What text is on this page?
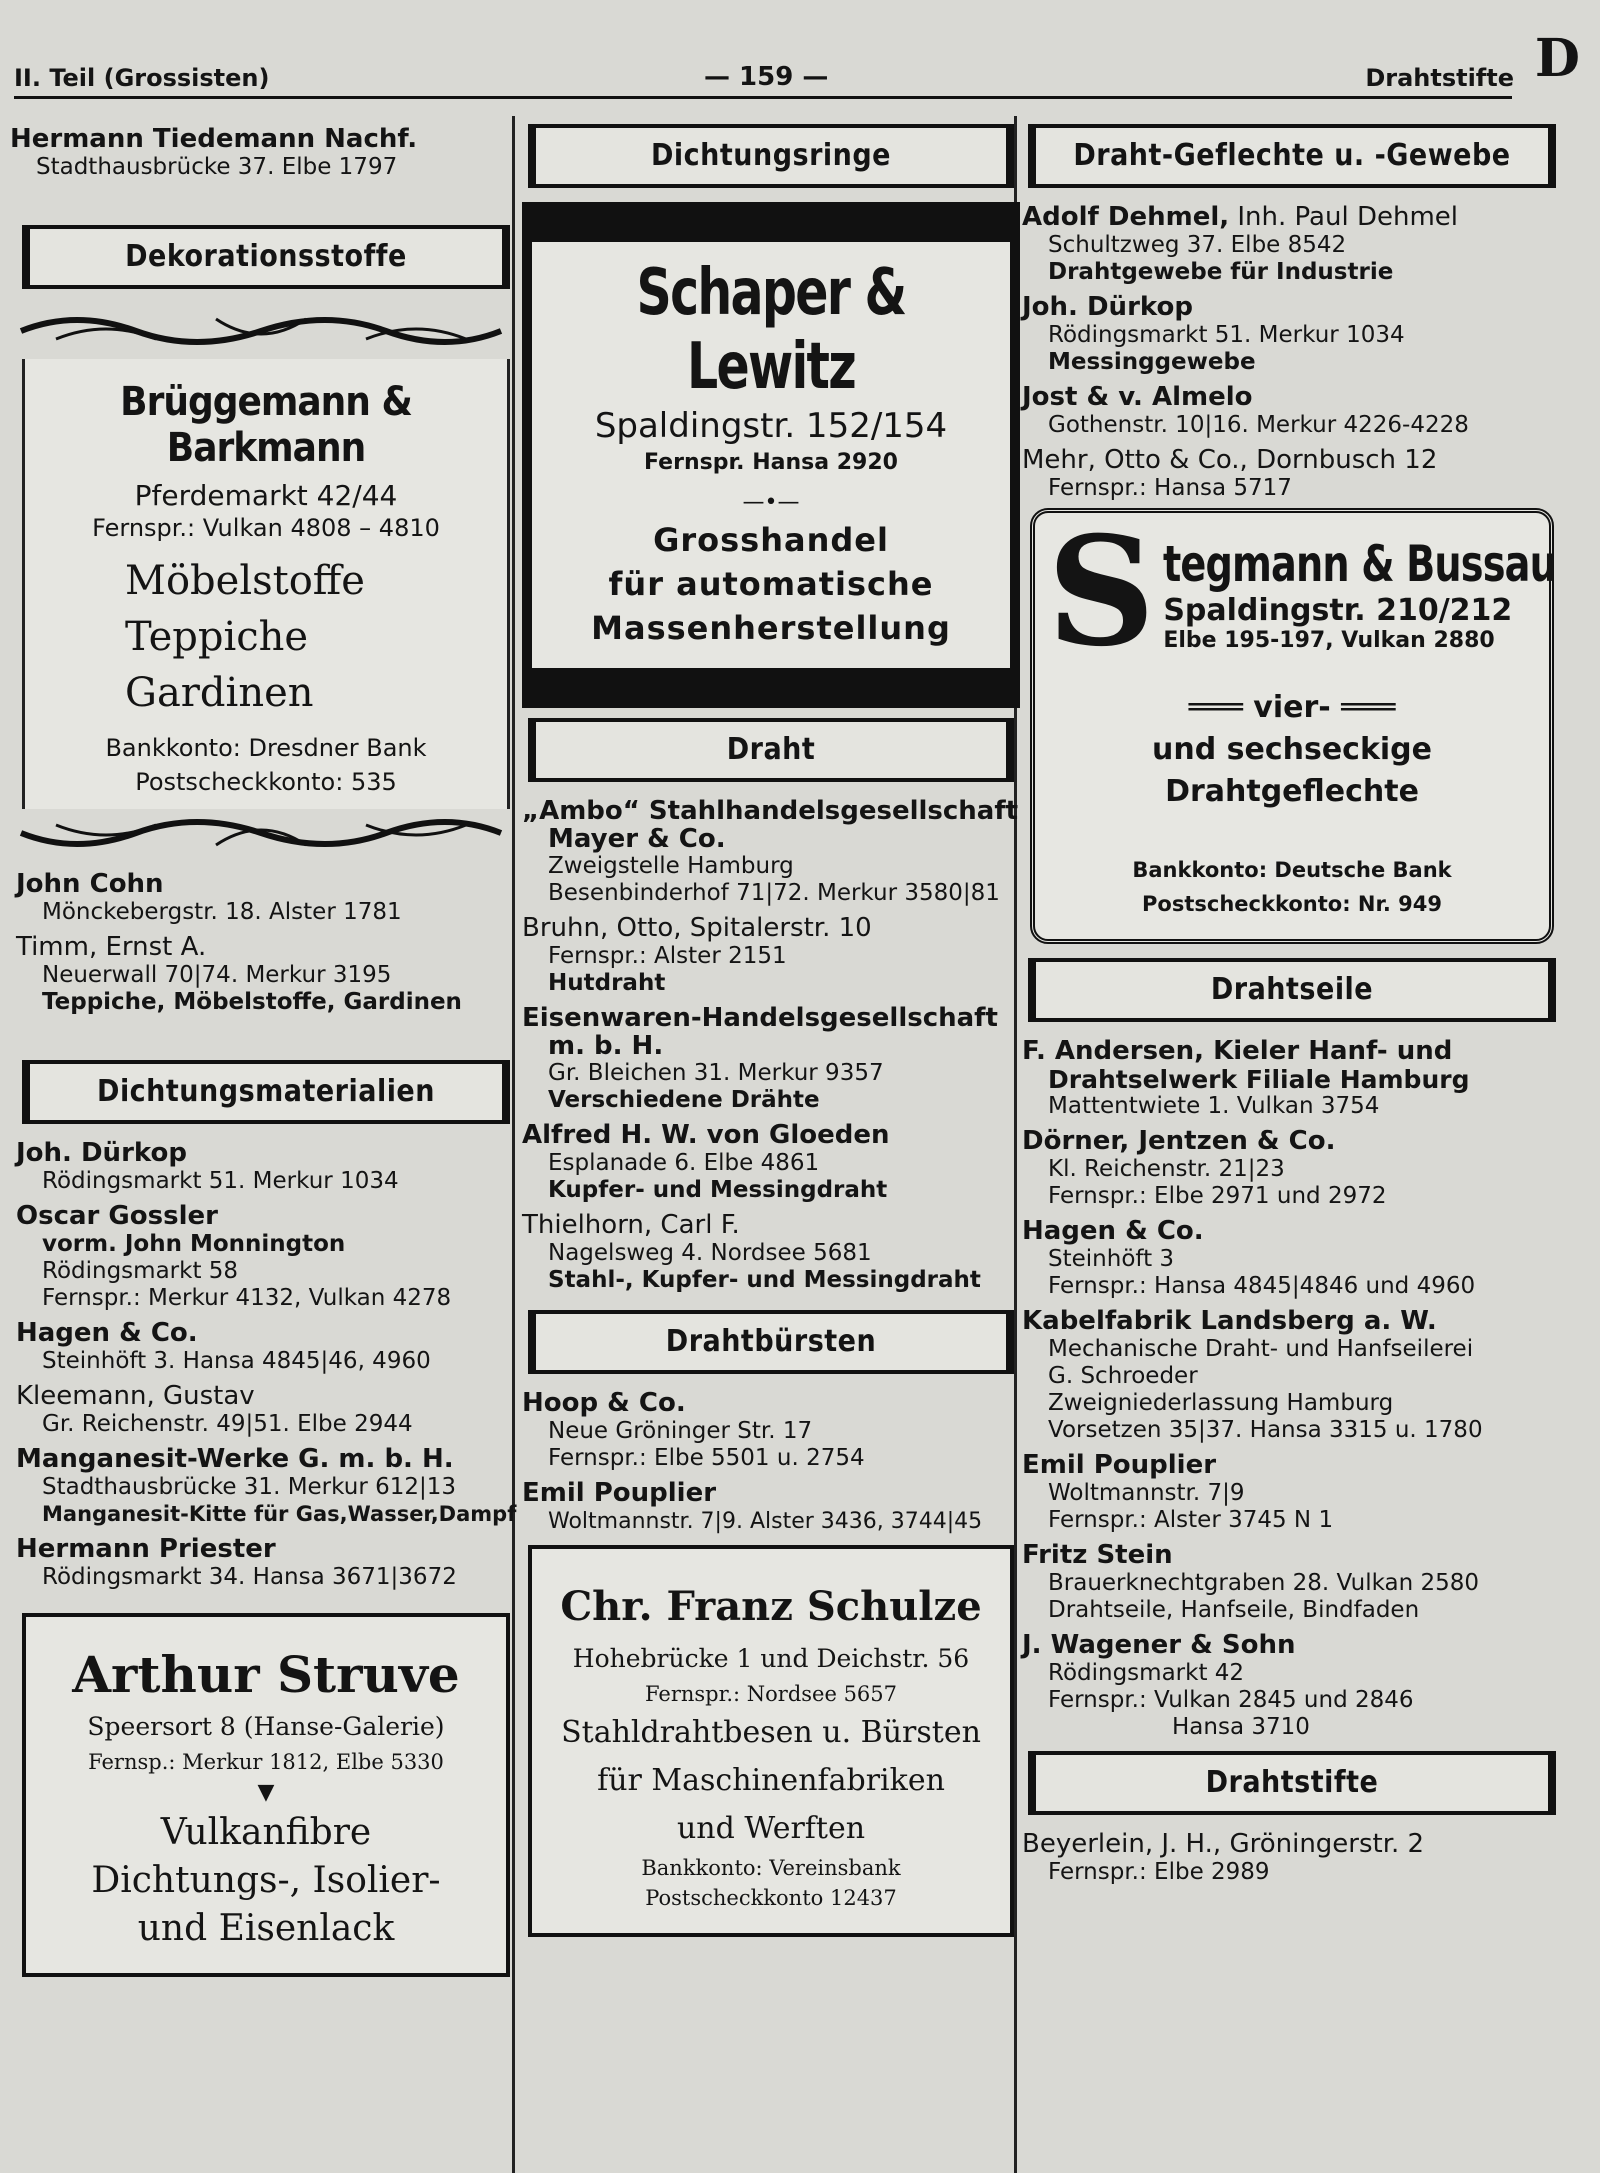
II. Teil (Grossisten)	— 159 —	Drahtstifte D
Hermann Tiedemann Nachf.
Stadthausbrücke 37. Elbe 1797
Dekorationsstoffe
Brüggemann & Barkmann
Pferdemarkt 42/44
Fernspr.: Vulkan 4808 – 4810
Möbelstoffe
Teppiche
Gardinen
Bankkonto: Dresdner Bank
Postscheckkonto: 535
John Cohn
Mönckebergstr. 18. Alster 1781
Timm, Ernst A.
Neuerwall 70|74. Merkur 3195
Teppiche, Möbelstoffe, Gardinen
Dichtungsmaterialien
Joh. Dürkop
Rödingsmarkt 51. Merkur 1034
Oscar Gossler
vorm. John Monnington
Rödingsmarkt 58
Fernspr.: Merkur 4132, Vulkan 4278
Hagen & Co.
Steinhöft 3. Hansa 4845|46, 4960
Kleemann, Gustav
Gr. Reichenstr. 49|51. Elbe 2944
Manganesit-Werke G. m. b. H.
Stadthausbrücke 31. Merkur 612|13
Manganesit-Kitte für Gas,Wasser,Dampf
Hermann Priester
Rödingsmarkt 34. Hansa 3671|3672
Arthur Struve
Speersort 8 (Hanse-Galerie)
Fernsp.: Merkur 1812, Elbe 5330
▼
Vulkanfibre
Dichtungs-, Isolier-
und Eisenlack
Dichtungsringe
Schaper & Lewitz
Spaldingstr. 152/154
Fernspr. Hansa 2920
—•—
Grosshandel
für automatische
Massenherstellung
Draht
„Ambo“ Stahlhandelsgesellschaft
Mayer & Co.
Zweigstelle Hamburg
Besenbinderhof 71|72. Merkur 3580|81
Bruhn, Otto, Spitalerstr. 10
Fernspr.: Alster 2151
Hutdraht
Eisenwaren-Handelsgesellschaft
m. b. H.
Gr. Bleichen 31. Merkur 9357
Verschiedene Drähte
Alfred H. W. von Gloeden
Esplanade 6. Elbe 4861
Kupfer- und Messingdraht
Thielhorn, Carl F.
Nagelsweg 4. Nordsee 5681
Stahl-, Kupfer- und Messingdraht
Drahtbürsten
Hoop & Co.
Neue Gröninger Str. 17
Fernspr.: Elbe 5501 u. 2754
Emil Pouplier
Woltmannstr. 7|9. Alster 3436, 3744|45
Chr. Franz Schulze
Hohebrücke 1 und Deichstr. 56
Fernspr.: Nordsee 5657
Stahldrahtbesen u. Bürsten
für Maschinenfabriken
und Werften
Bankkonto: Vereinsbank
Postscheckkonto 12437
Draht-Geflechte u. -Gewebe
Adolf Dehmel, Inh. Paul Dehmel
Schultzweg 37. Elbe 8542
Drahtgewebe für Industrie
Joh. Dürkop
Rödingsmarkt 51. Merkur 1034
Messinggewebe
Jost & v. Almelo
Gothenstr. 10|16. Merkur 4226-4228
Mehr, Otto & Co., Dornbusch 12
Fernspr.: Hansa 5717
S tegmann & Bussau
Spaldingstr. 210/212
Elbe 195-197, Vulkan 2880
═══ vier- ═══
und sechseckige
Drahtgeflechte
Bankkonto: Deutsche Bank
Postscheckkonto: Nr. 949
Drahtseile
F. Andersen, Kieler Hanf- und
Drahtselwerk Filiale Hamburg
Mattentwiete 1. Vulkan 3754
Dörner, Jentzen & Co.
Kl. Reichenstr. 21|23
Fernspr.: Elbe 2971 und 2972
Hagen & Co.
Steinhöft 3
Fernspr.: Hansa 4845|4846 und 4960
Kabelfabrik Landsberg a. W.
Mechanische Draht- und Hanfseilerei
G. Schroeder
Zweigniederlassung Hamburg
Vorsetzen 35|37. Hansa 3315 u. 1780
Emil Pouplier
Woltmannstr. 7|9
Fernspr.: Alster 3745 N 1
Fritz Stein
Brauerknechtgraben 28. Vulkan 2580
Drahtseile, Hanfseile, Bindfaden
J. Wagener & Sohn
Rödingsmarkt 42
Fernspr.: Vulkan 2845 und 2846
Hansa 3710
Drahtstifte
Beyerlein, J. H., Gröningerstr. 2
Fernspr.: Elbe 2989
